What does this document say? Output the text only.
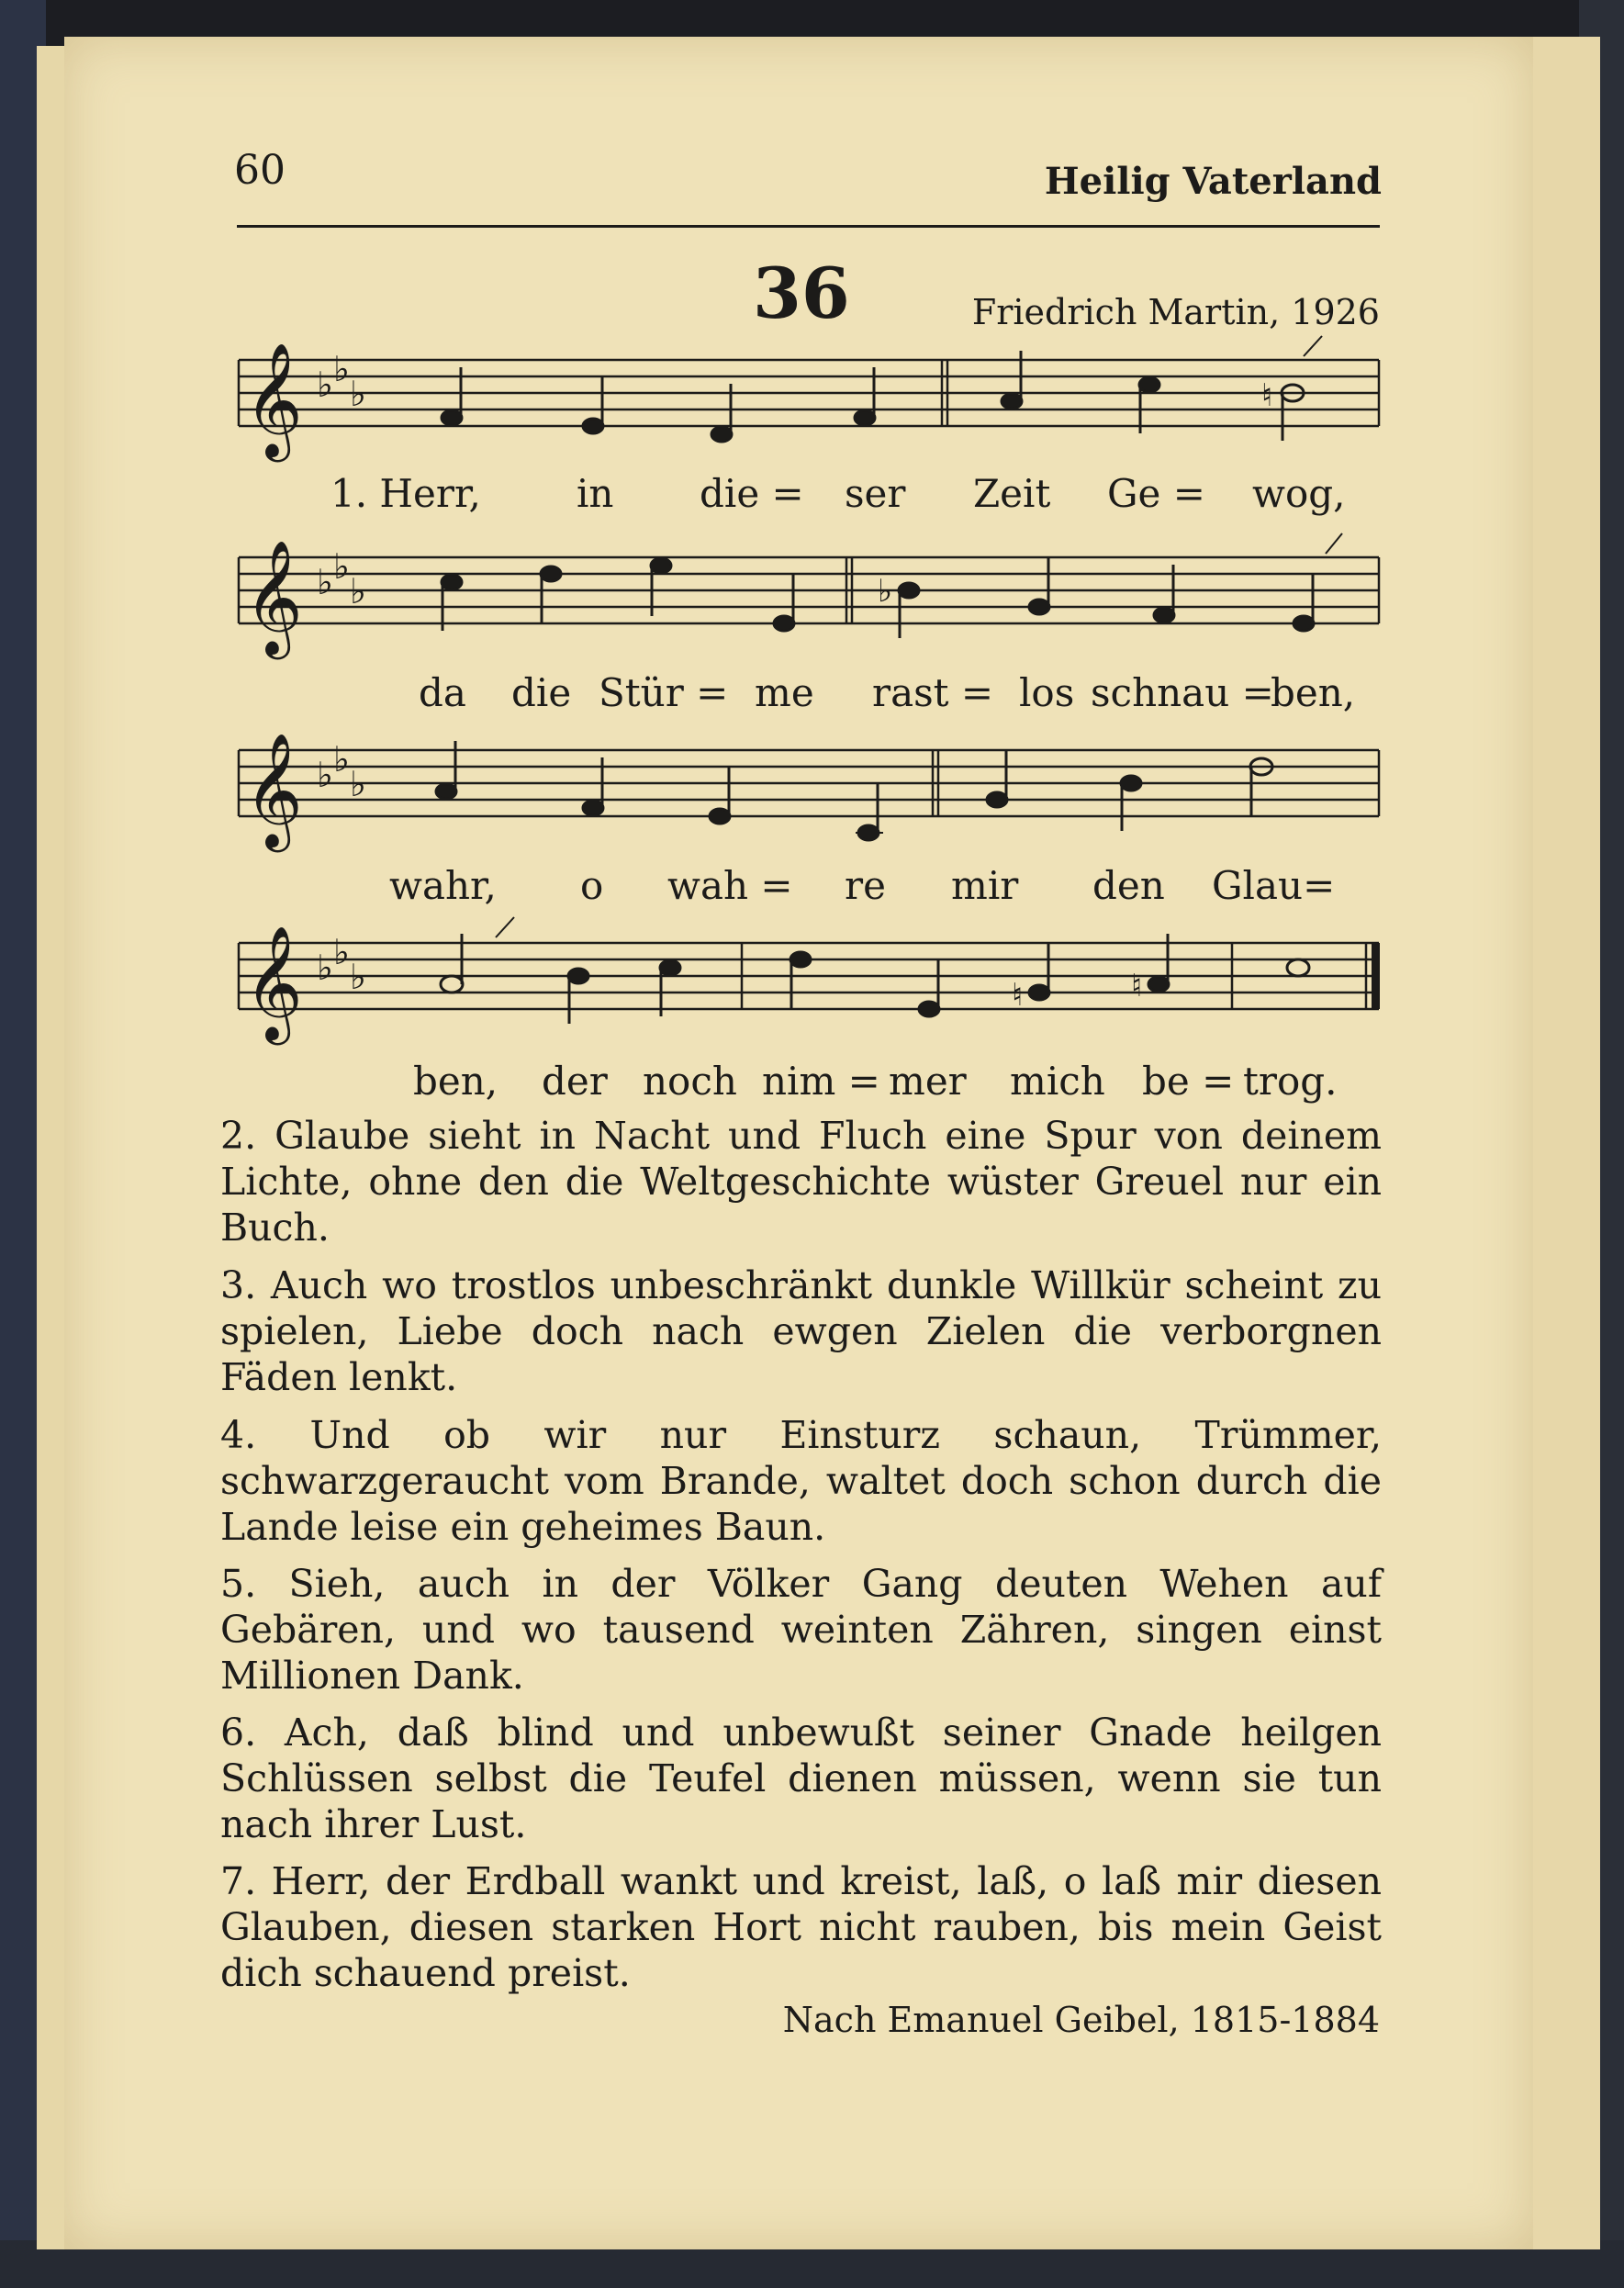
60	Heilig Vaterland
36	Friedrich Martin, 1926
𝄞 ♭ ♭
♭	♮
1. Herr, in die = ser Zeit Ge = wog,
𝄞 ♭ ♭
♭	♭
da die Stür = me rast = los schnau =
ben,
𝄞 ♭ ♭
♭
wahr, o wah = re mir den Glau=
𝄞 ♭ ♭
♭	♮	♮
ben, der noch nim = mer mich be = trog.
2. Glaube sieht in Nacht und Fluch eine Spur von deinem Lichte, ohne den die Weltgeschichte wüster Greuel nur ein Buch.
3. Auch wo trostlos unbeschränkt dunkle Willkür scheint zu spielen, Liebe doch nach ewgen Zielen die verborgnen Fäden lenkt.
4. Und ob wir nur Einsturz schaun, Trümmer, schwarzgeraucht vom Brande, waltet doch schon durch die Lande leise ein geheimes Baun.
5. Sieh, auch in der Völker Gang deuten Wehen auf Gebären, und wo tausend weinten Zähren, singen einst Millionen Dank.
6. Ach, daß blind und unbewußt seiner Gnade heilgen Schlüssen selbst die Teufel dienen müssen, wenn sie tun nach ihrer Lust.
7. Herr, der Erdball wankt und kreist, laß, o laß mir diesen Glauben, diesen starken Hort nicht rauben, bis mein Geist dich schauend preist.
Nach Emanuel Geibel, 1815-1884
